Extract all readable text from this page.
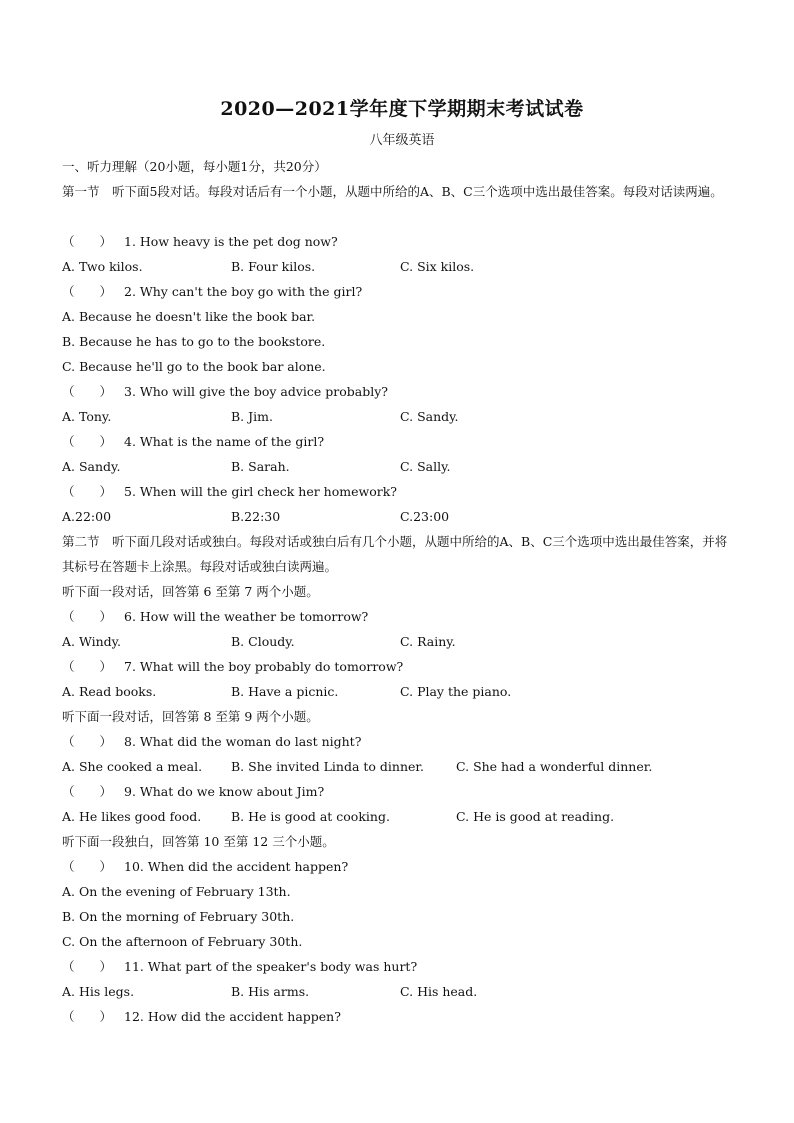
2020—2021学年度下学期期末考试试卷
八年级英语
一、听力理解（20小题，每小题1分，共20分）
第一节　听下面5段对话。每段对话后有一个小题，从题中所给的A、B、C三个选项中选出最佳答案。每段对话读两遍。
（　　） 1. How heavy is the pet dog now?
A. Two kilos.	B. Four kilos.	C. Six kilos.
（　　） 2. Why can't the boy go with the girl?
A. Because he doesn't like the book bar.
B. Because he has to go to the bookstore.
C. Because he'll go to the book bar alone.
（　　） 3. Who will give the boy advice probably?
A. Tony.	B. Jim.	C. Sandy.
（　　） 4. What is the name of the girl?
A. Sandy.	B. Sarah.	C. Sally.
（　　） 5. When will the girl check her homework?
A.22:00	B.22:30	C.23:00
第二节　听下面几段对话或独白。每段对话或独白后有几个小题，从题中所给的A、B、C三个选项中选出最佳答案，并将其标号在答题卡上涂黑。每段对话或独白读两遍。
听下面一段对话，回答第 6 至第 7 两个小题。
（　　） 6. How will the weather be tomorrow?
A. Windy.	B. Cloudy.	C. Rainy.
（　　） 7. What will the boy probably do tomorrow?
A. Read books.	B. Have a picnic.	C. Play the piano.
听下面一段对话，回答第 8 至第 9 两个小题。
（　　） 8. What did the woman do last night?
A. She cooked a meal. B. She invited Linda to dinner.	C. She had a wonderful dinner.
（　　） 9. What do we know about Jim?
A. He likes good food. B. He is good at cooking.	C. He is good at reading.
听下面一段独白，回答第 10 至第 12 三个小题。
（　　） 10. When did the accident happen?
A. On the evening of February 13th.
B. On the morning of February 30th.
C. On the afternoon of February 30th.
（　　） 11. What part of the speaker's body was hurt?
A. His legs.	B. His arms.	C. His head.
（　　） 12. How did the accident happen?
